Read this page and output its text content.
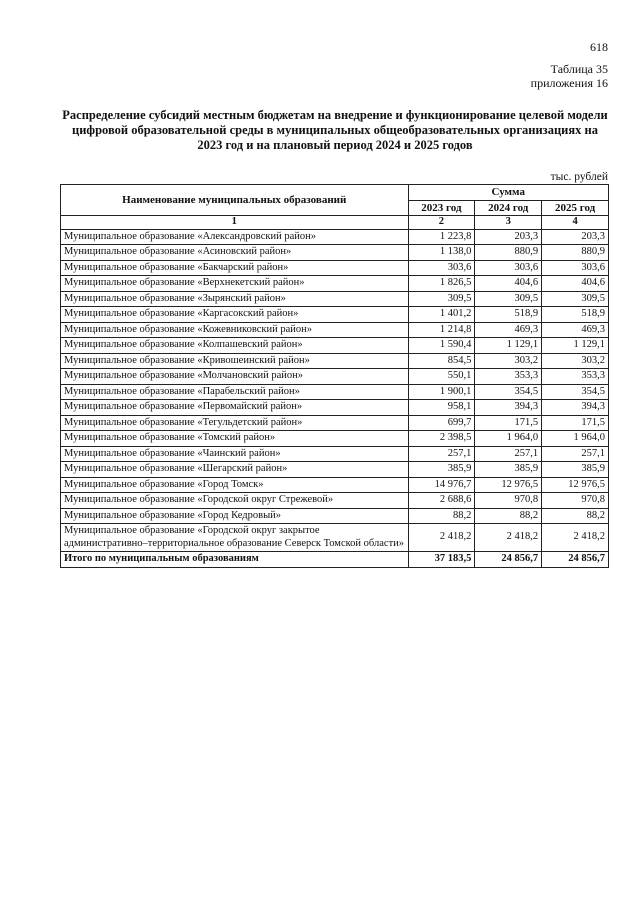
618
Таблица 35
приложения 16
Распределение субсидий местным бюджетам на внедрение и функционирование целевой модели цифровой образовательной среды в муниципальных общеобразовательных организациях на 2023 год и на плановый период 2024 и 2025 годов
тыс. рублей
Наименование муниципальных образований	Сумма		
	2023 год	2024 год	2025 год
1	2	3	4
Муниципальное образование «Александровский район»	1 223,8	203,3	203,3
Муниципальное образование «Асиновский район»	1 138,0	880,9	880,9
Муниципальное образование «Бакчарский район»	303,6	303,6	303,6
Муниципальное образование «Верхнекетский район»	1 826,5	404,6	404,6
Муниципальное образование «Зырянский район»	309,5	309,5	309,5
Муниципальное образование «Каргасокский район»	1 401,2	518,9	518,9
Муниципальное образование «Кожевниковский район»	1 214,8	469,3	469,3
Муниципальное образование «Колпашевский район»	1 590,4	1 129,1	1 129,1
Муниципальное образование «Кривошеинский район»	854,5	303,2	303,2
Муниципальное образование «Молчановский район»	550,1	353,3	353,3
Муниципальное образование «Парабельский район»	1 900,1	354,5	354,5
Муниципальное образование «Первомайский район»	958,1	394,3	394,3
Муниципальное образование «Тегульдетский район»	699,7	171,5	171,5
Муниципальное образование «Томский район»	2 398,5	1 964,0	1 964,0
Муниципальное образование «Чаинский район»	257,1	257,1	257,1
Муниципальное образование «Шегарский район»	385,9	385,9	385,9
Муниципальное образование «Город Томск»	14 976,7	12 976,5	12 976,5
Муниципальное образование «Городской округ Стрежевой»	2 688,6	970,8	970,8
Муниципальное образование «Город Кедровый»	88,2	88,2	88,2
Муниципальное образование «Городской округ закрытое административно–территориальное образование Северск Томской области»	2 418,2	2 418,2	2 418,2
Итого по муниципальным образованиям	37 183,5	24 856,7	24 856,7
